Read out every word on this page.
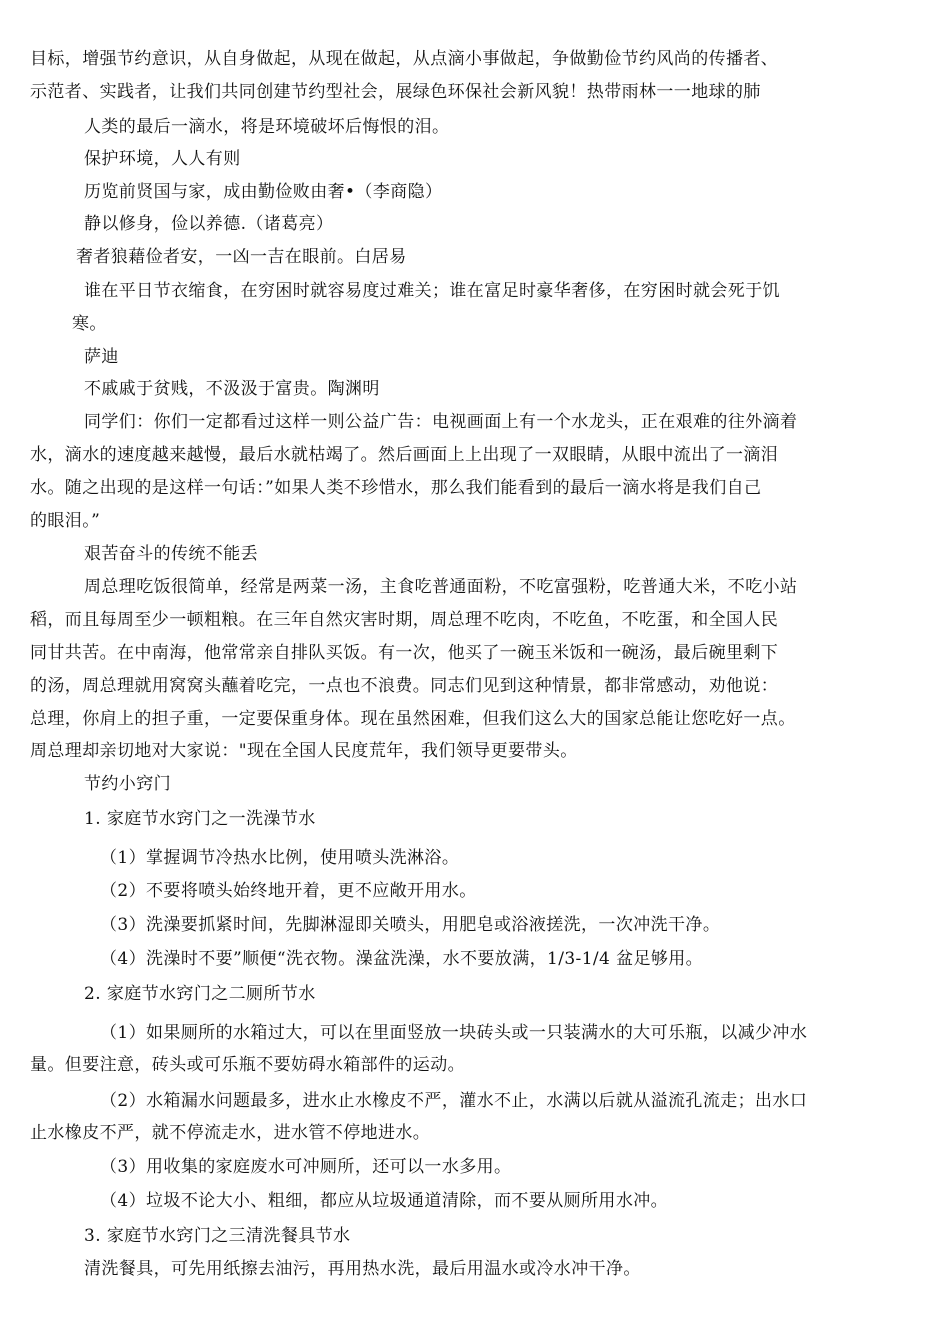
目标，增强节约意识，从自身做起，从现在做起，从点滴小事做起，争做勤俭节约风尚的传播者、
示范者、实践者，让我们共同创建节约型社会，展绿色环保社会新风貌！热带雨林一一地球的肺
人类的最后一滴水，将是环境破坏后悔恨的泪。
保护环境，人人有则
历览前贤国与家，成由勤俭败由奢•（李商隐）
静以修身，俭以养德.（诸葛亮）
奢者狼藉俭者安，一凶一吉在眼前。白居易
谁在平日节衣缩食，在穷困时就容易度过难关；谁在富足时豪华奢侈，在穷困时就会死于饥
寒。
萨迪
不戚戚于贫贱，不汲汲于富贵。陶渊明
同学们：你们一定都看过这样一则公益广告：电视画面上有一个水龙头，正在艰难的往外滴着
水，滴水的速度越来越慢，最后水就枯竭了。然后画面上上出现了一双眼睛，从眼中流出了一滴泪
水。随之出现的是这样一句话：”如果人类不珍惜水，那么我们能看到的最后一滴水将是我们自己
的眼泪。”
艰苦奋斗的传统不能丢
周总理吃饭很简单，经常是两菜一汤，主食吃普通面粉，不吃富强粉，吃普通大米，不吃小站
稻，而且每周至少一顿粗粮。在三年自然灾害时期，周总理不吃肉，不吃鱼，不吃蛋，和全国人民
同甘共苦。在中南海，他常常亲自排队买饭。有一次，他买了一碗玉米饭和一碗汤，最后碗里剩下
的汤，周总理就用窝窝头蘸着吃完，一点也不浪费。同志们见到这种情景，都非常感动，劝他说：
总理，你肩上的担子重，一定要保重身体。现在虽然困难，但我们这么大的国家总能让您吃好一点。
周总理却亲切地对大家说："现在全国人民度荒年，我们领导更要带头。
节约小窍门
1. 家庭节水窍门之一洗澡节水
（1）掌握调节冷热水比例，使用喷头洗淋浴。
（2）不要将喷头始终地开着，更不应敞开用水。
（3）洗澡要抓紧时间，先脚淋湿即关喷头，用肥皂或浴液搓洗，一次冲洗干净。
（4）洗澡时不要”顺便“洗衣物。澡盆洗澡，水不要放满，1/3-1/4 盆足够用。
2. 家庭节水窍门之二厕所节水
（1）如果厕所的水箱过大，可以在里面竖放一块砖头或一只装满水的大可乐瓶，以减少冲水
量。但要注意，砖头或可乐瓶不要妨碍水箱部件的运动。
（2）水箱漏水问题最多，进水止水橡皮不严，灌水不止，水满以后就从溢流孔流走；出水口
止水橡皮不严，就不停流走水，进水管不停地进水。
（3）用收集的家庭废水可冲厕所，还可以一水多用。
（4）垃圾不论大小、粗细，都应从垃圾通道清除，而不要从厕所用水冲。
3. 家庭节水窍门之三清洗餐具节水
清洗餐具，可先用纸擦去油污，再用热水洗，最后用温水或冷水冲干净。
